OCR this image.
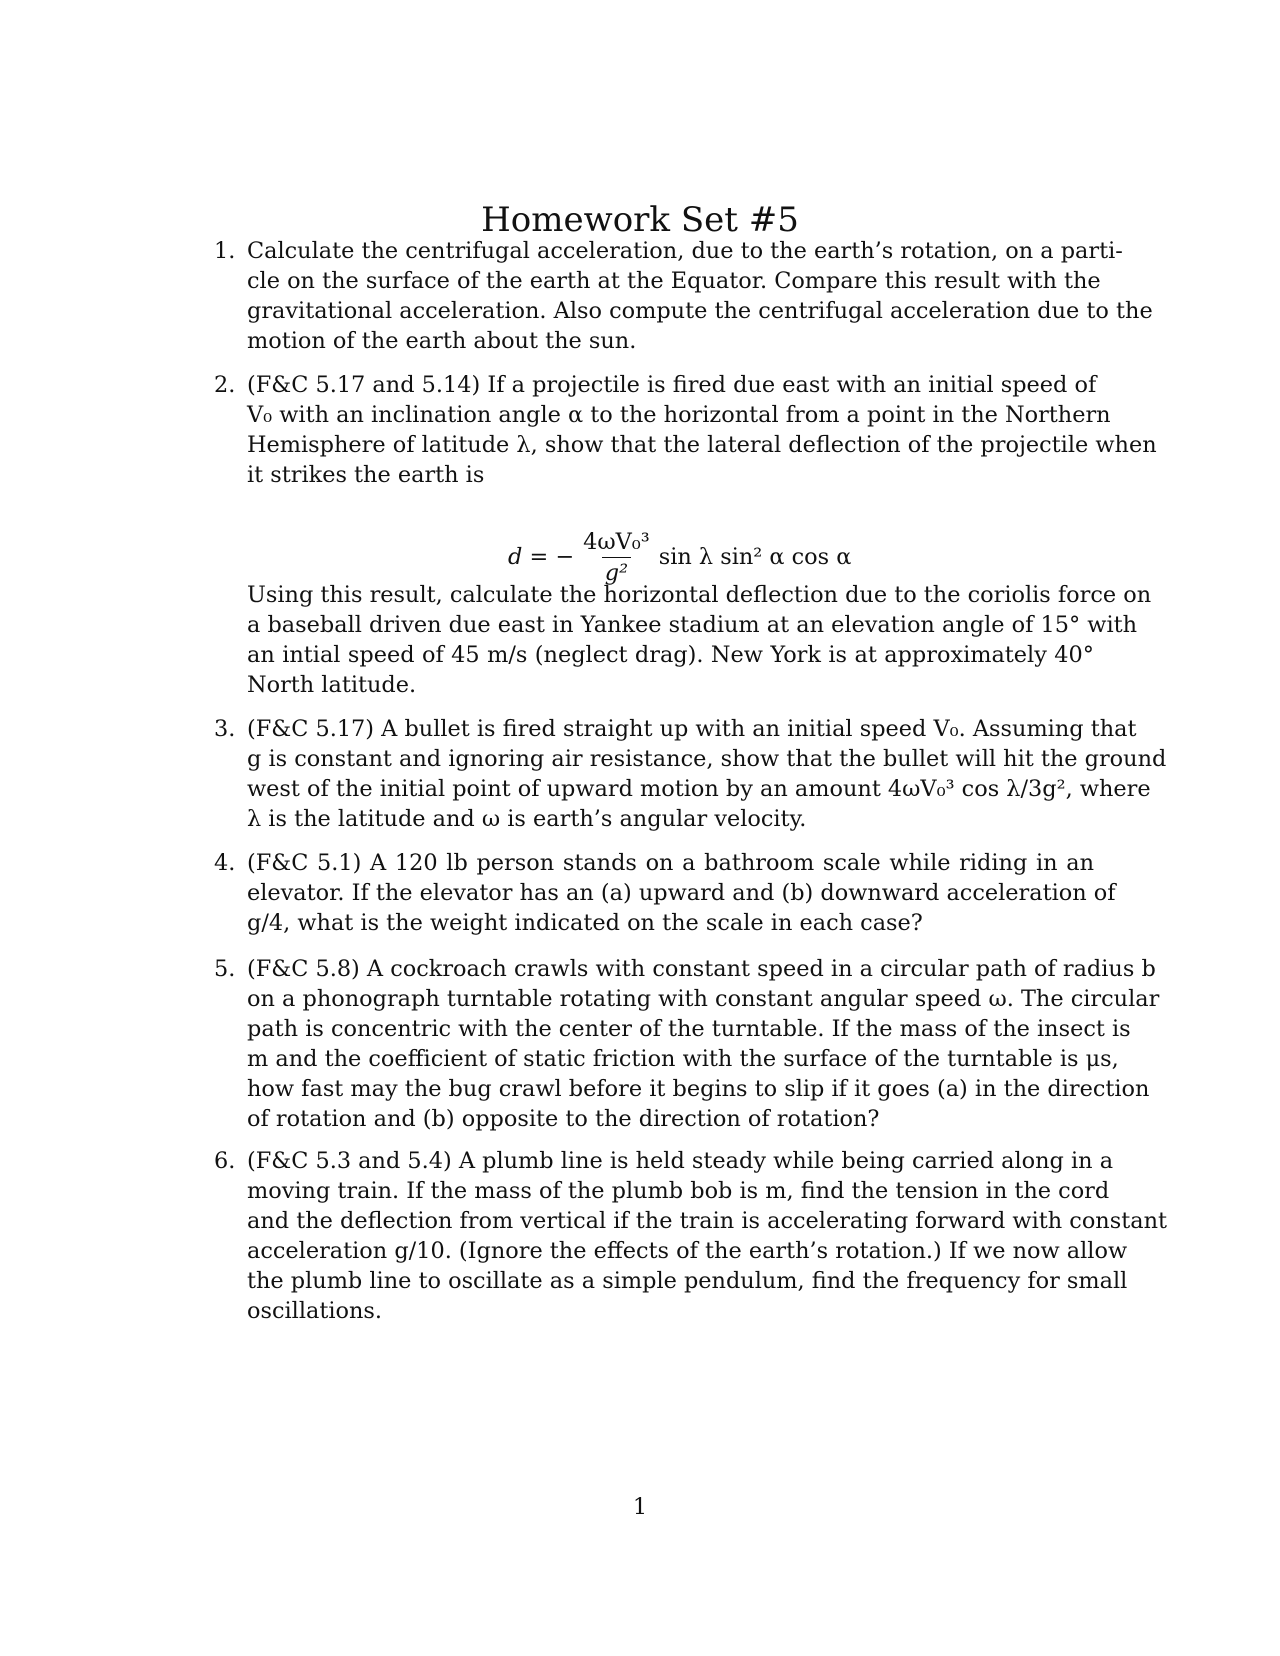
Homework Set #5
1. Calculate the centrifugal acceleration, due to the earth’s rotation, on a parti-
cle on the surface of the earth at the Equator. Compare this result with the
gravitational acceleration. Also compute the centrifugal acceleration due to the
motion of the earth about the sun.
2. (F&C 5.17 and 5.14) If a projectile is fired due east with an initial speed of
V₀ with an inclination angle α to the horizontal from a point in the Northern
Hemisphere of latitude λ, show that the lateral deflection of the projectile when
it strikes the earth is
d = − $\frac{\text{4ωV₀³}}{\text{g²}}$ sin λ sin² α cos α
Using this result, calculate the horizontal deflection due to the coriolis force on
a baseball driven due east in Yankee stadium at an elevation angle of 15° with
an intial speed of 45 m/s (neglect drag). New York is at approximately 40°
North latitude.
3. (F&C 5.17) A bullet is fired straight up with an initial speed V₀. Assuming that
g is constant and ignoring air resistance, show that the bullet will hit the ground
west of the initial point of upward motion by an amount 4ωV₀³ cos λ/3g², where
λ is the latitude and ω is earth’s angular velocity.
4. (F&C 5.1) A 120 lb person stands on a bathroom scale while riding in an
elevator. If the elevator has an (a) upward and (b) downward acceleration of
g/4, what is the weight indicated on the scale in each case?
5. (F&C 5.8) A cockroach crawls with constant speed in a circular path of radius b
on a phonograph turntable rotating with constant angular speed ω. The circular
path is concentric with the center of the turntable. If the mass of the insect is
m and the coefficient of static friction with the surface of the turntable is μs,
how fast may the bug crawl before it begins to slip if it goes (a) in the direction
of rotation and (b) opposite to the direction of rotation?
6. (F&C 5.3 and 5.4) A plumb line is held steady while being carried along in a
moving train. If the mass of the plumb bob is m, find the tension in the cord
and the deflection from vertical if the train is accelerating forward with constant
acceleration g/10. (Ignore the effects of the earth’s rotation.) If we now allow
the plumb line to oscillate as a simple pendulum, find the frequency for small
oscillations.
1
